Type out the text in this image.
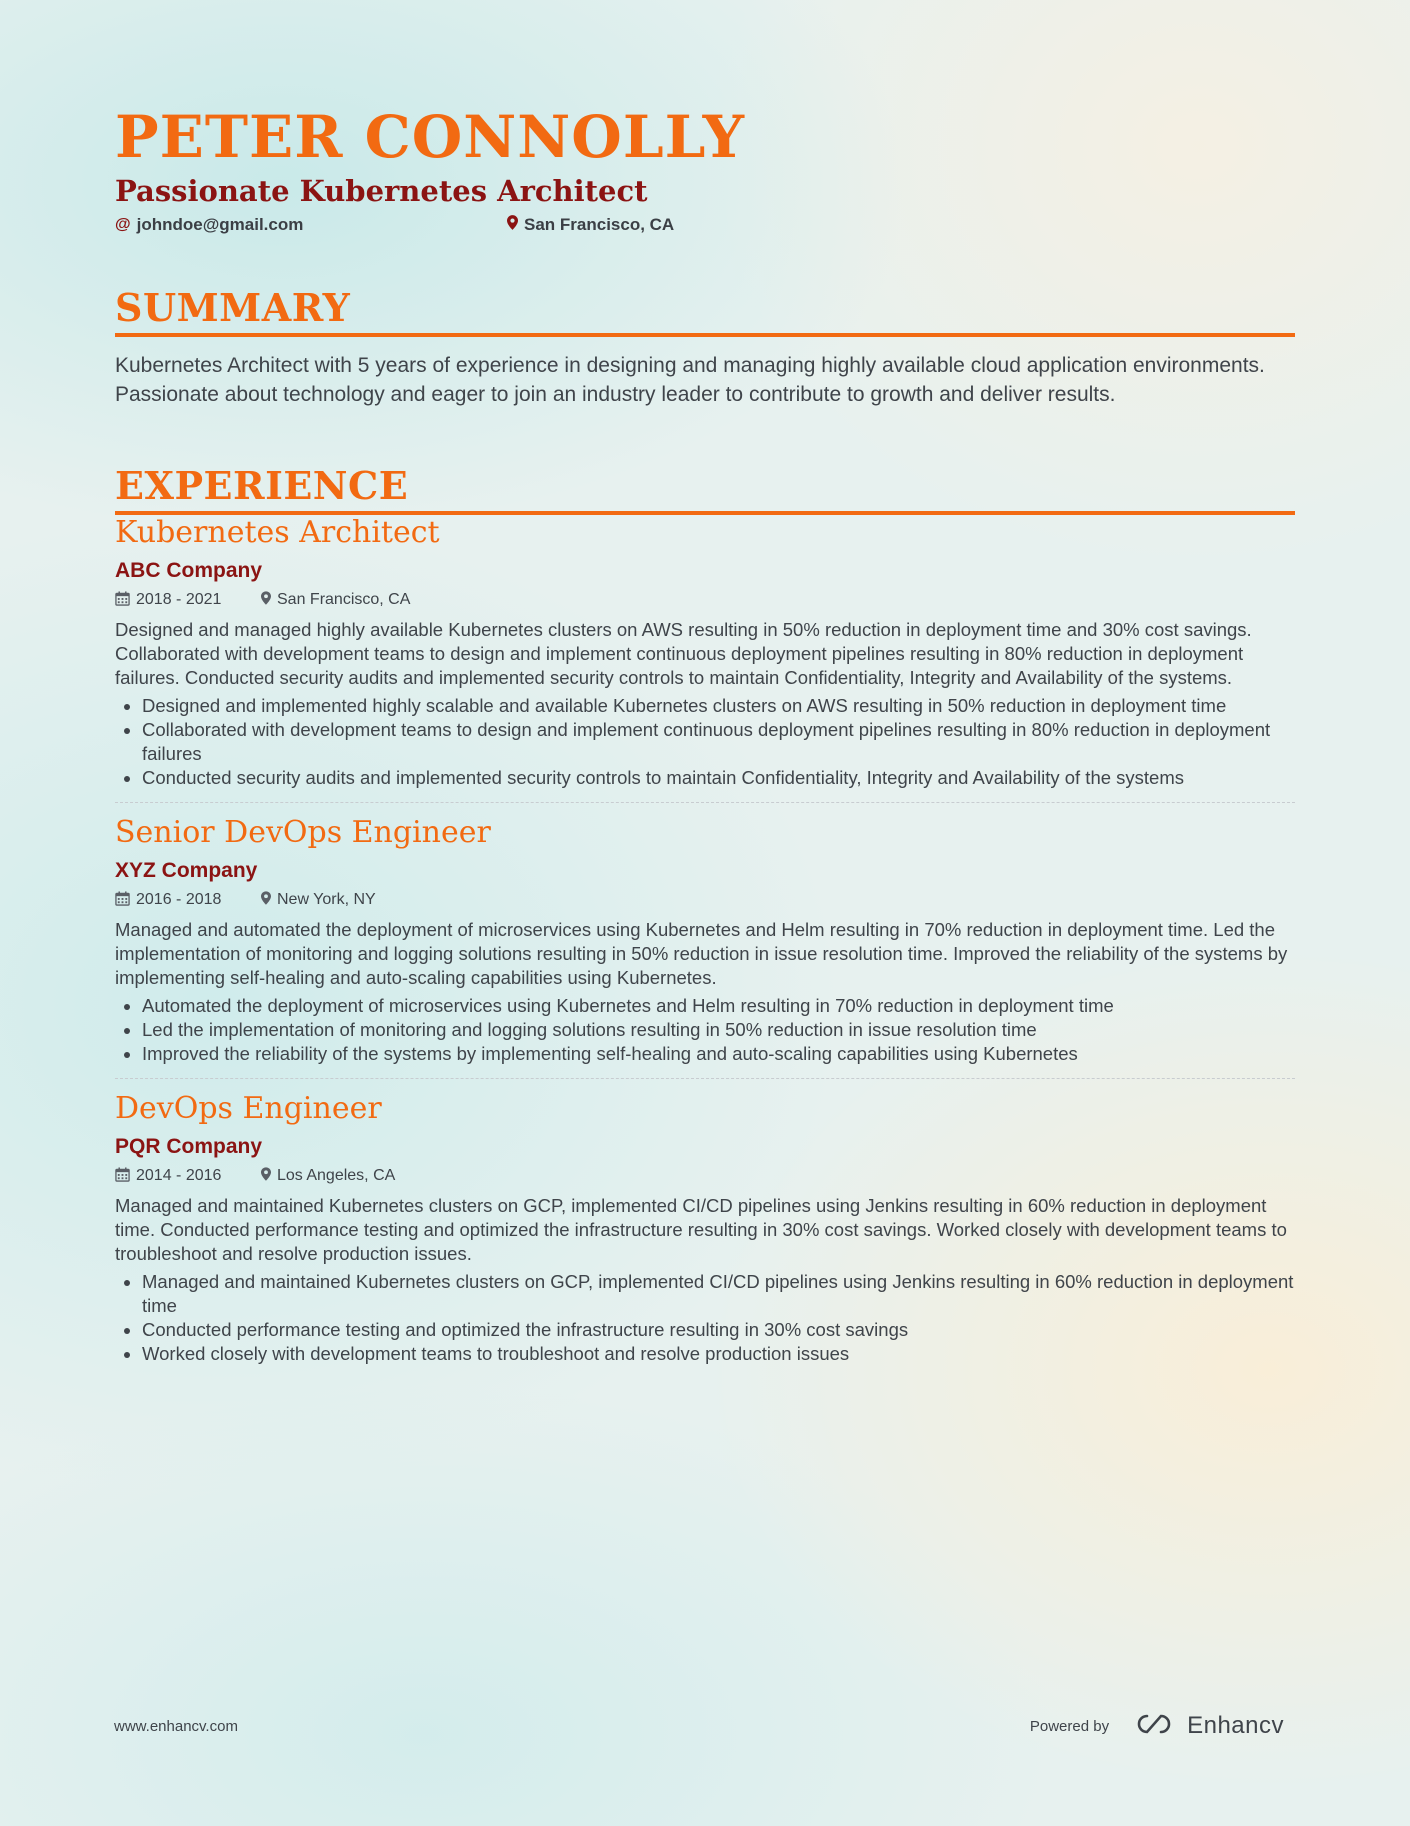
PETER CONNOLLY
Passionate Kubernetes Architect
@ johndoe@gmail.com	San Francisco, CA
SUMMARY
Kubernetes Architect with 5 years of experience in designing and managing highly available cloud application environments. Passionate about technology and eager to join an industry leader to contribute to growth and deliver results.
EXPERIENCE
Kubernetes Architect
ABC Company
2018 - 2021	San Francisco, CA
Designed and managed highly available Kubernetes clusters on AWS resulting in 50% reduction in deployment time and 30% cost savings. Collaborated with development teams to design and implement continuous deployment pipelines resulting in 80% reduction in deployment failures. Conducted security audits and implemented security controls to maintain Confidentiality, Integrity and Availability of the systems.
• Designed and implemented highly scalable and available Kubernetes clusters on AWS resulting in 50% reduction in deployment time
• Collaborated with development teams to design and implement continuous deployment pipelines resulting in 80% reduction in deployment failures
• Conducted security audits and implemented security controls to maintain Confidentiality, Integrity and Availability of the systems
Senior DevOps Engineer
XYZ Company
2016 - 2018	New York, NY
Managed and automated the deployment of microservices using Kubernetes and Helm resulting in 70% reduction in deployment time. Led the implementation of monitoring and logging solutions resulting in 50% reduction in issue resolution time. Improved the reliability of the systems by implementing self-healing and auto-scaling capabilities using Kubernetes.
• Automated the deployment of microservices using Kubernetes and Helm resulting in 70% reduction in deployment time
• Led the implementation of monitoring and logging solutions resulting in 50% reduction in issue resolution time
• Improved the reliability of the systems by implementing self-healing and auto-scaling capabilities using Kubernetes
DevOps Engineer
PQR Company
2014 - 2016	Los Angeles, CA
Managed and maintained Kubernetes clusters on GCP, implemented CI/CD pipelines using Jenkins resulting in 60% reduction in deployment time. Conducted performance testing and optimized the infrastructure resulting in 30% cost savings. Worked closely with development teams to troubleshoot and resolve production issues.
• Managed and maintained Kubernetes clusters on GCP, implemented CI/CD pipelines using Jenkins resulting in 60% reduction in deployment time
• Conducted performance testing and optimized the infrastructure resulting in 30% cost savings
• Worked closely with development teams to troubleshoot and resolve production issues
www.enhancv.com	Powered by	Enhancv
